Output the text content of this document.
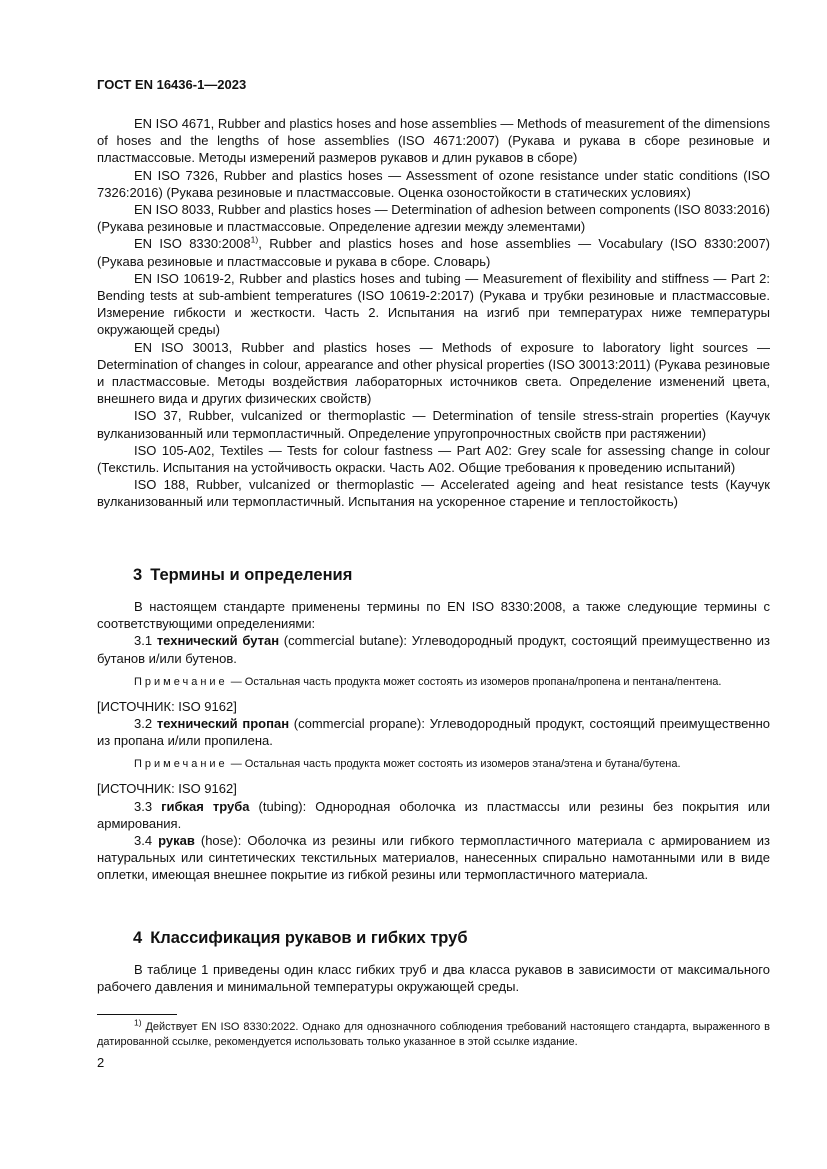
ГОСТ EN 16436-1—2023

EN ISO 4671, Rubber and plastics hoses and hose assemblies — Methods of measurement of the dimensions of hoses and the lengths of hose assemblies (ISO 4671:2007) (Рукава и рукава в сборе резиновые и пластмассовые. Методы измерений размеров рукавов и длин рукавов в сборе)

EN ISO 7326, Rubber and plastics hoses — Assessment of ozone resistance under static conditions (ISO 7326:2016) (Рукава резиновые и пластмассовые. Оценка озоностойкости в статических условиях)

EN ISO 8033, Rubber and plastics hoses — Determination of adhesion between components (ISO 8033:2016) (Рукава резиновые и пластмассовые. Определение адгезии между элементами)

EN ISO 8330:2008$^{1)}$, Rubber and plastics hoses and hose assemblies — Vocabulary (ISO 8330:2007) (Рукава резиновые и пластмассовые и рукава в сборе. Словарь)

EN ISO 10619-2, Rubber and plastics hoses and tubing — Measurement of flexibility and stiffness — Part 2: Bending tests at sub-ambient temperatures (ISO 10619-2:2017) (Рукава и трубки резиновые и пластмассовые. Измерение гибкости и жесткости. Часть 2. Испытания на изгиб при температурах ниже температуры окружающей среды)

EN ISO 30013, Rubber and plastics hoses — Methods of exposure to laboratory light sources — Determination of changes in colour, appearance and other physical properties (ISO 30013:2011) (Рукава резиновые и пластмассовые. Методы воздействия лабораторных источников света. Определение изменений цвета, внешнего вида и других физических свойств)

ISO 37, Rubber, vulcanized or thermoplastic — Determination of tensile stress-strain properties (Каучук вулканизованный или термопластичный. Определение упругопрочностных свойств при растяжении)

ISO 105-A02, Textiles — Tests for colour fastness — Part A02: Grey scale for assessing change in colour (Текстиль. Испытания на устойчивость окраски. Часть A02. Общие требования к проведению испытаний)

ISO 188, Rubber, vulcanized or thermoplastic — Accelerated ageing and heat resistance tests (Каучук вулканизованный или термопластичный. Испытания на ускоренное старение и теплостойкость)

3 Термины и определения

В настоящем стандарте применены термины по EN ISO 8330:2008, а также следующие термины с соответствующими определениями:

3.1 технический бутан (commercial butane): Углеводородный продукт, состоящий преимущественно из бутанов и/или бутенов.

Примечание — Остальная часть продукта может состоять из изомеров пропана/пропена и пентана/пентена.

[ИСТОЧНИК: ISO 9162]

3.2 технический пропан (commercial propane): Углеводородный продукт, состоящий преимущественно из пропана и/или пропилена.

Примечание — Остальная часть продукта может состоять из изомеров этана/этена и бутана/бутена.

[ИСТОЧНИК: ISO 9162]

3.3 гибкая труба (tubing): Однородная оболочка из пластмассы или резины без покрытия или армирования.

3.4 рукав (hose): Оболочка из резины или гибкого термопластичного материала с армированием из натуральных или синтетических текстильных материалов, нанесенных спирально намотанными или в виде оплетки, имеющая внешнее покрытие из гибкой резины или термопластичного материала.

4 Классификация рукавов и гибких труб

В таблице 1 приведены один класс гибких труб и два класса рукавов в зависимости от максимального рабочего давления и минимальной температуры окружающей среды.

$^{1)}$ Действует EN ISO 8330:2022. Однако для однозначного соблюдения требований настоящего стандарта, выраженного в датированной ссылке, рекомендуется использовать только указанное в этой ссылке издание.
2
